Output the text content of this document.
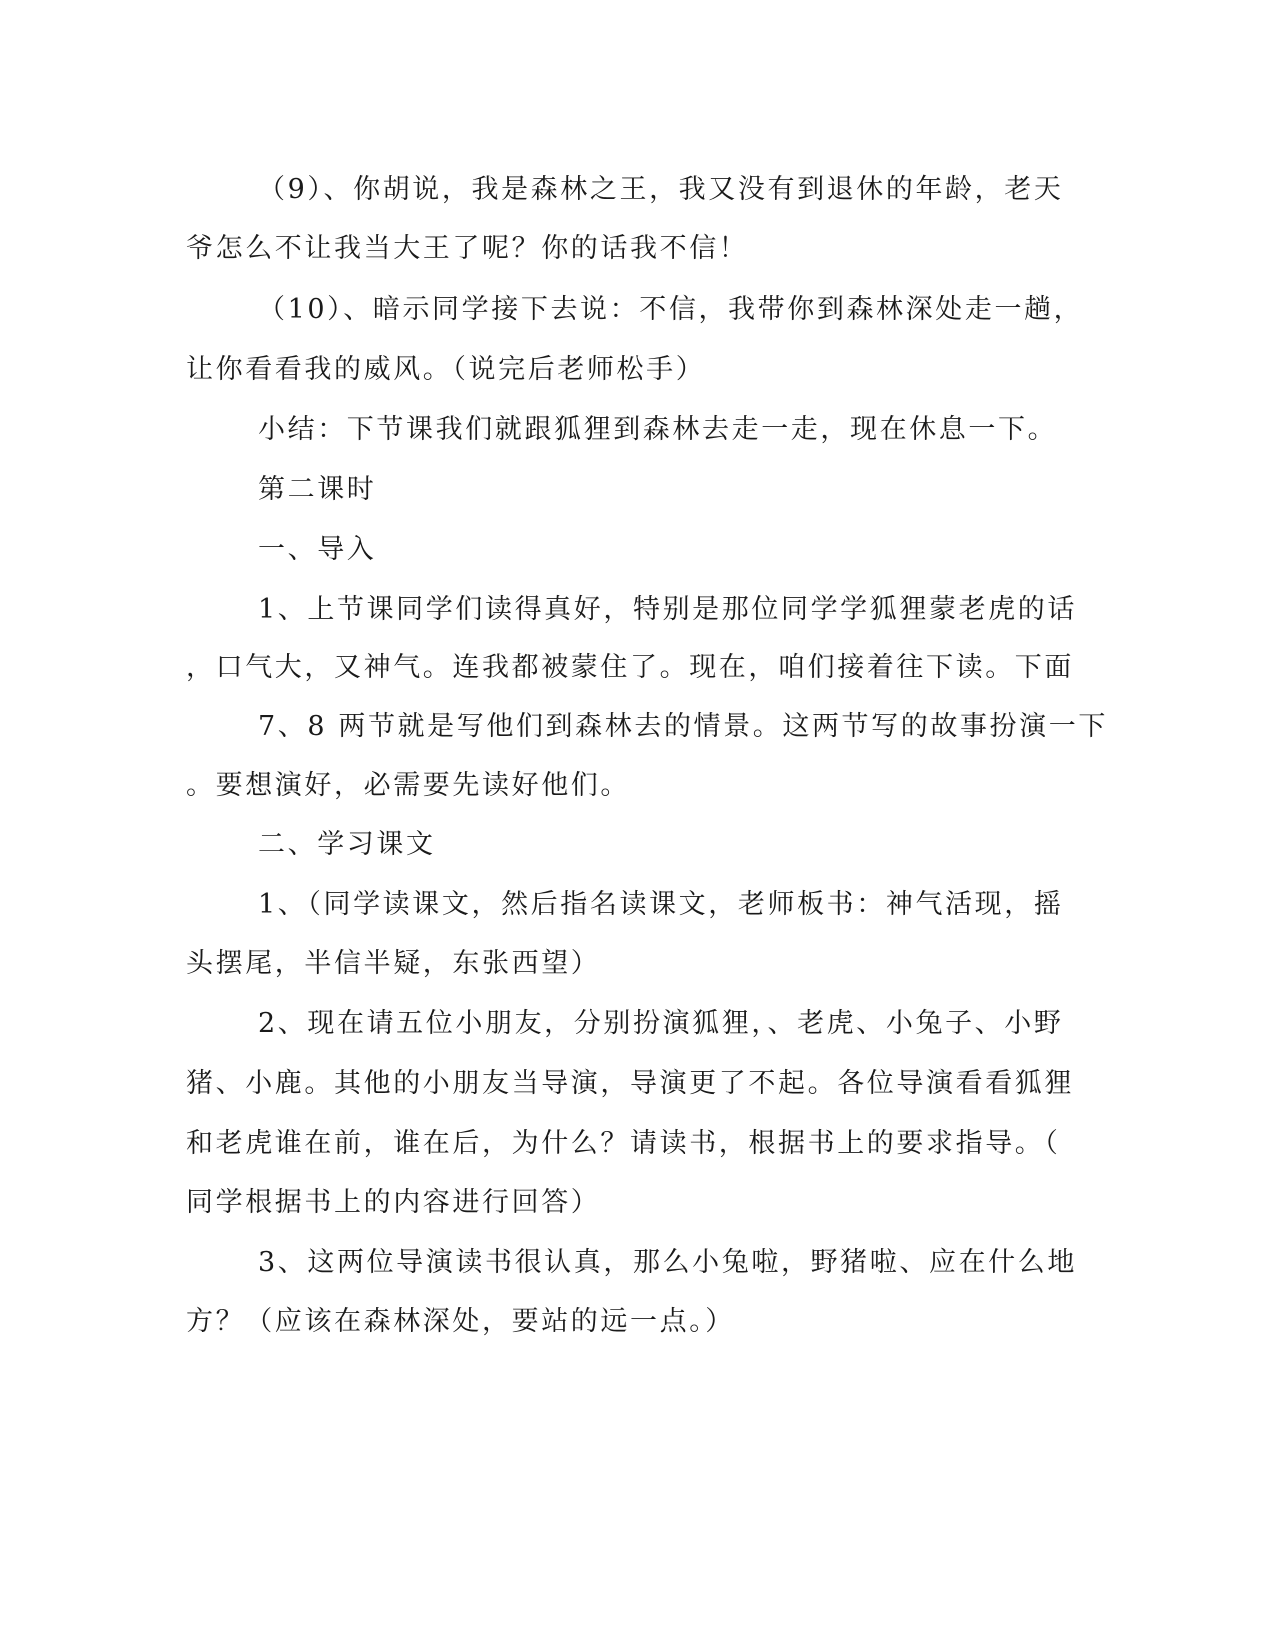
（9）、你胡说，我是森林之王，我又没有到退休的年龄，老天

爷怎么不让我当大王了呢？你的话我不信！

（10）、暗示同学接下去说：不信，我带你到森林深处走一趟，

让你看看我的威风。（说完后老师松手）

小结：下节课我们就跟狐狸到森林去走一走，现在休息一下。

第二课时

一、导入

1、上节课同学们读得真好，特别是那位同学学狐狸蒙老虎的话

，口气大，又神气。连我都被蒙住了。现在，咱们接着往下读。下面

7、8 两节就是写他们到森林去的情景。这两节写的故事扮演一下

。要想演好，必需要先读好他们。

二、学习课文

1、（同学读课文，然后指名读课文，老师板书：神气活现，摇

头摆尾，半信半疑，东张西望）

2、现在请五位小朋友，分别扮演狐狸，、老虎、小兔子、小野

猪、小鹿。其他的小朋友当导演，导演更了不起。各位导演看看狐狸

和老虎谁在前，谁在后，为什么？请读书，根据书上的要求指导。（

同学根据书上的内容进行回答）

3、这两位导演读书很认真，那么小兔啦，野猪啦、应在什么地

方？（应该在森林深处，要站的远一点。）
